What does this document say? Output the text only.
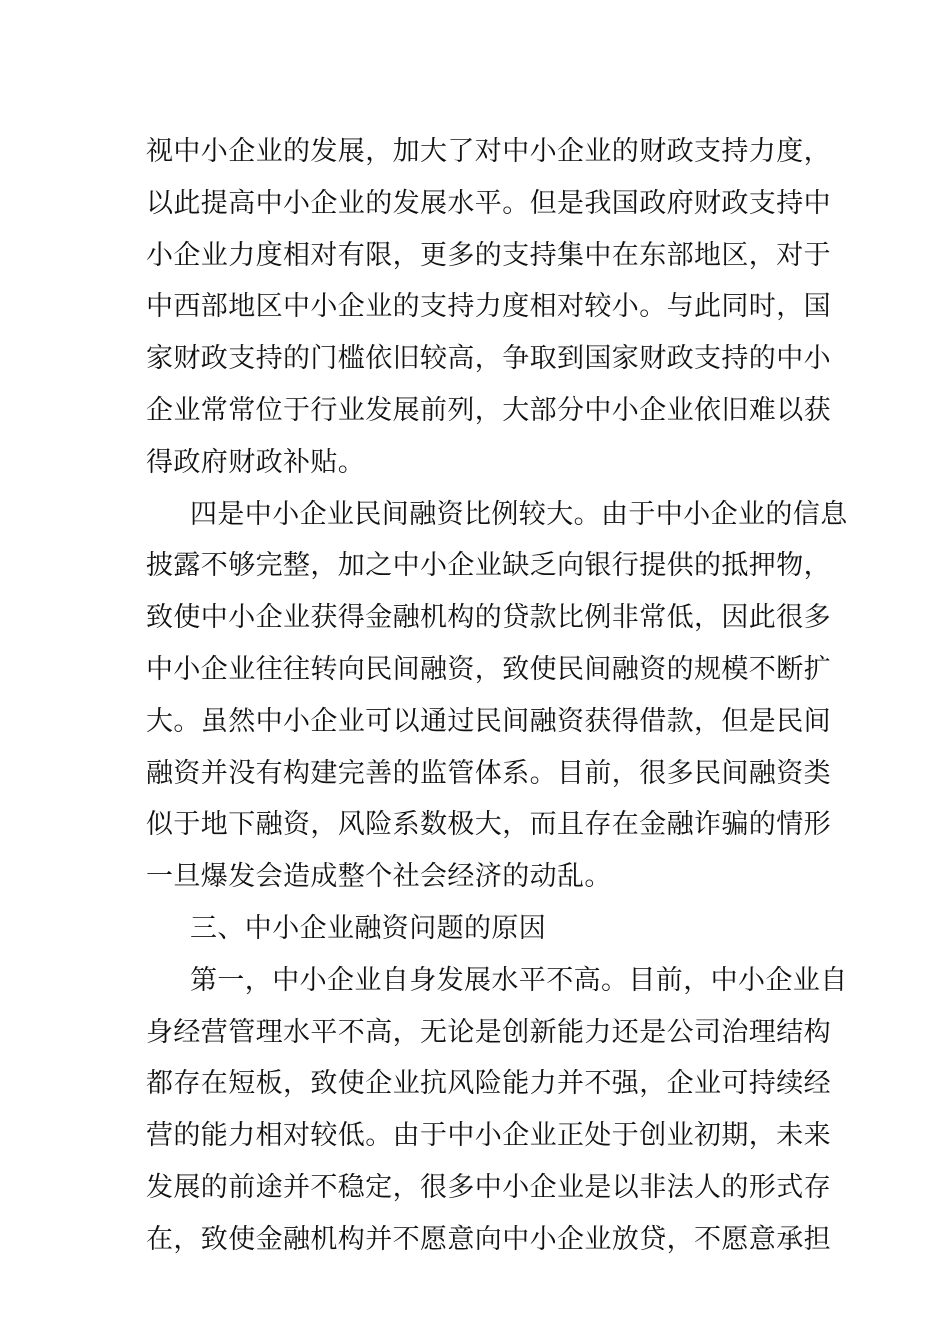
视中小企业的发展，加大了对中小企业的财政支持力度，
以此提高中小企业的发展水平。但是我国政府财政支持中
小企业力度相对有限，更多的支持集中在东部地区，对于
中西部地区中小企业的支持力度相对较小。与此同时，国
家财政支持的门槛依旧较高，争取到国家财政支持的中小
企业常常位于行业发展前列，大部分中小企业依旧难以获
得政府财政补贴。
四是中小企业民间融资比例较大。由于中小企业的信息
披露不够完整，加之中小企业缺乏向银行提供的抵押物，
致使中小企业获得金融机构的贷款比例非常低，因此很多
中小企业往往转向民间融资，致使民间融资的规模不断扩
大。虽然中小企业可以通过民间融资获得借款，但是民间
融资并没有构建完善的监管体系。目前，很多民间融资类
似于地下融资，风险系数极大，而且存在金融诈骗的情形
一旦爆发会造成整个社会经济的动乱。
三、中小企业融资问题的原因
第一，中小企业自身发展水平不高。目前，中小企业自
身经营管理水平不高，无论是创新能力还是公司治理结构
都存在短板，致使企业抗风险能力并不强，企业可持续经
营的能力相对较低。由于中小企业正处于创业初期，未来
发展的前途并不稳定，很多中小企业是以非法人的形式存
在，致使金融机构并不愿意向中小企业放贷，不愿意承担
